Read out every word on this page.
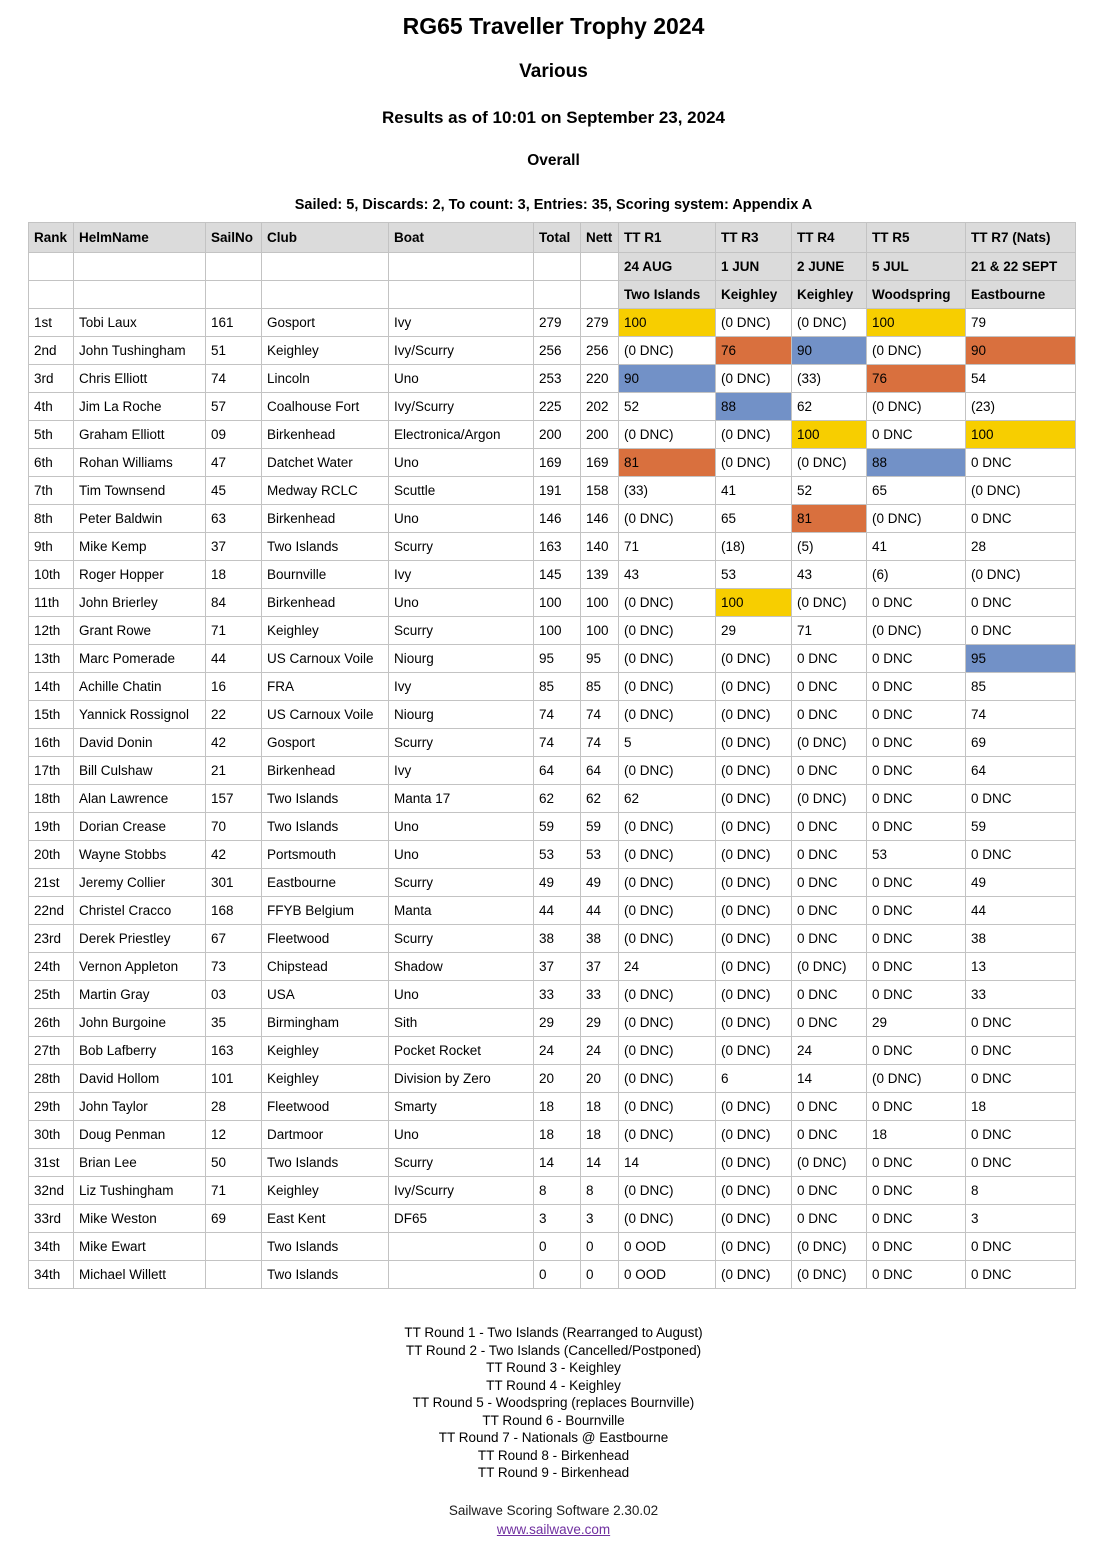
RG65 Traveller Trophy 2024
Various
Results as of 10:01 on September 23, 2024
Overall
Sailed: 5, Discards: 2, To count: 3, Entries: 35, Scoring system: Appendix A
Rank	HelmName	SailNo	Club	Boat	Total	Nett	TT R1	TT R3	TT R4	TT R5	TT R7 (Nats)
							24 AUG	1 JUN	2 JUNE	5 JUL	21 & 22 SEPT
							Two Islands	Keighley	Keighley	Woodspring	Eastbourne
1st	Tobi Laux	161	Gosport	Ivy	279	279	100	(0 DNC)	(0 DNC)	100	79
2nd	John Tushingham	51	Keighley	Ivy/Scurry	256	256	(0 DNC)	76	90	(0 DNC)	90
3rd	Chris Elliott	74	Lincoln	Uno	253	220	90	(0 DNC)	(33)	76	54
4th	Jim La Roche	57	Coalhouse Fort	Ivy/Scurry	225	202	52	88	62	(0 DNC)	(23)
5th	Graham Elliott	09	Birkenhead	Electronica/Argon	200	200	(0 DNC)	(0 DNC)	100	0 DNC	100
6th	Rohan Williams	47	Datchet Water	Uno	169	169	81	(0 DNC)	(0 DNC)	88	0 DNC
7th	Tim Townsend	45	Medway RCLC	Scuttle	191	158	(33)	41	52	65	(0 DNC)
8th	Peter Baldwin	63	Birkenhead	Uno	146	146	(0 DNC)	65	81	(0 DNC)	0 DNC
9th	Mike Kemp	37	Two Islands	Scurry	163	140	71	(18)	(5)	41	28
10th	Roger Hopper	18	Bournville	Ivy	145	139	43	53	43	(6)	(0 DNC)
11th	John Brierley	84	Birkenhead	Uno	100	100	(0 DNC)	100	(0 DNC)	0 DNC	0 DNC
12th	Grant Rowe	71	Keighley	Scurry	100	100	(0 DNC)	29	71	(0 DNC)	0 DNC
13th	Marc Pomerade	44	US Carnoux Voile	Niourg	95	95	(0 DNC)	(0 DNC)	0 DNC	0 DNC	95
14th	Achille Chatin	16	FRA	Ivy	85	85	(0 DNC)	(0 DNC)	0 DNC	0 DNC	85
15th	Yannick Rossignol	22	US Carnoux Voile	Niourg	74	74	(0 DNC)	(0 DNC)	0 DNC	0 DNC	74
16th	David Donin	42	Gosport	Scurry	74	74	5	(0 DNC)	(0 DNC)	0 DNC	69
17th	Bill Culshaw	21	Birkenhead	Ivy	64	64	(0 DNC)	(0 DNC)	0 DNC	0 DNC	64
18th	Alan Lawrence	157	Two Islands	Manta 17	62	62	62	(0 DNC)	(0 DNC)	0 DNC	0 DNC
19th	Dorian Crease	70	Two Islands	Uno	59	59	(0 DNC)	(0 DNC)	0 DNC	0 DNC	59
20th	Wayne Stobbs	42	Portsmouth	Uno	53	53	(0 DNC)	(0 DNC)	0 DNC	53	0 DNC
21st	Jeremy Collier	301	Eastbourne	Scurry	49	49	(0 DNC)	(0 DNC)	0 DNC	0 DNC	49
22nd	Christel Cracco	168	FFYB Belgium	Manta	44	44	(0 DNC)	(0 DNC)	0 DNC	0 DNC	44
23rd	Derek Priestley	67	Fleetwood	Scurry	38	38	(0 DNC)	(0 DNC)	0 DNC	0 DNC	38
24th	Vernon Appleton	73	Chipstead	Shadow	37	37	24	(0 DNC)	(0 DNC)	0 DNC	13
25th	Martin Gray	03	USA	Uno	33	33	(0 DNC)	(0 DNC)	0 DNC	0 DNC	33
26th	John Burgoine	35	Birmingham	Sith	29	29	(0 DNC)	(0 DNC)	0 DNC	29	0 DNC
27th	Bob Lafberry	163	Keighley	Pocket Rocket	24	24	(0 DNC)	(0 DNC)	24	0 DNC	0 DNC
28th	David Hollom	101	Keighley	Division by Zero	20	20	(0 DNC)	6	14	(0 DNC)	0 DNC
29th	John Taylor	28	Fleetwood	Smarty	18	18	(0 DNC)	(0 DNC)	0 DNC	0 DNC	18
30th	Doug Penman	12	Dartmoor	Uno	18	18	(0 DNC)	(0 DNC)	0 DNC	18	0 DNC
31st	Brian Lee	50	Two Islands	Scurry	14	14	14	(0 DNC)	(0 DNC)	0 DNC	0 DNC
32nd	Liz Tushingham	71	Keighley	Ivy/Scurry	8	8	(0 DNC)	(0 DNC)	0 DNC	0 DNC	8
33rd	Mike Weston	69	East Kent	DF65	3	3	(0 DNC)	(0 DNC)	0 DNC	0 DNC	3
34th	Mike Ewart		Two Islands		0	0	0 OOD	(0 DNC)	(0 DNC)	0 DNC	0 DNC
34th	Michael Willett		Two Islands		0	0	0 OOD	(0 DNC)	(0 DNC)	0 DNC	0 DNC
TT Round 1 - Two Islands (Rearranged to August)
TT Round 2 - Two Islands (Cancelled/Postponed)
TT Round 3 - Keighley
TT Round 4 - Keighley
TT Round 5 - Woodspring (replaces Bournville)
TT Round 6 - Bournville
TT Round 7 - Nationals @ Eastbourne
TT Round 8 - Birkenhead
TT Round 9 - Birkenhead
Sailwave Scoring Software 2.30.02
www.sailwave.com
